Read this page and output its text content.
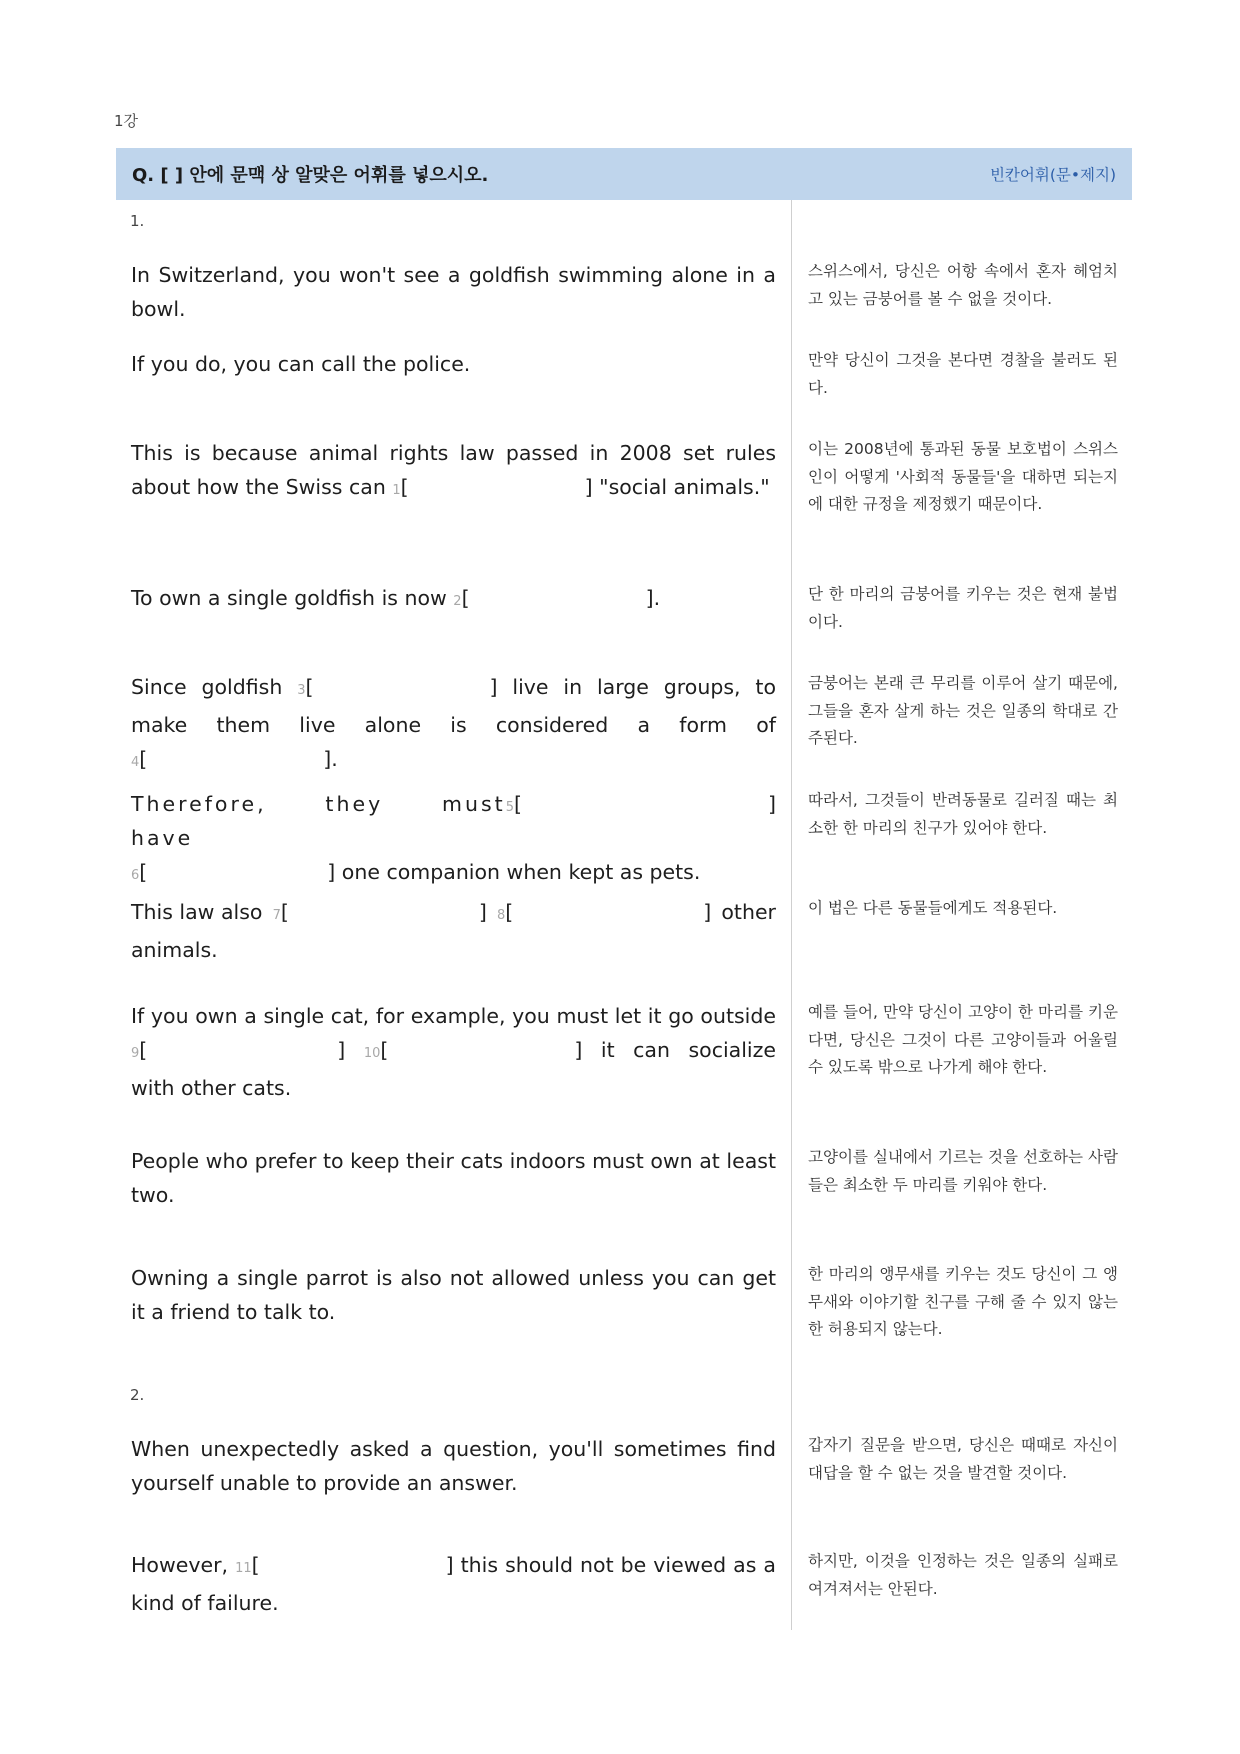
1강
Q. [ ] 안에 문맥 상 알맞은 어휘를 넣으시오.	빈칸어휘(문•제지)
1.
In Switzerland, you won't see a goldfish swimming alone in a bowl.
스위스에서, 당신은 어항 속에서 혼자 헤엄치고 있는 금붕어를 볼 수 없을 것이다.
If you do, you can call the police.	만약 당신이 그것을 본다면 경찰을 불러도 된다.
This is because animal rights law passed in 2008 set rules about how the Swiss can 1[	] "social animals."
이는 2008년에 통과된 동물 보호법이 스위스인이 어떻게 '사회적 동물들'을 대하면 되는지에 대한 규정을 제정했기 때문이다.
To own a single goldfish is now 2[	].	단 한 마리의 금붕어를 키우는 것은 현재 불법이다.
Since goldfish 3[	] live in large groups, to make them live alone is considered a form of 4[	].
금붕어는 본래 큰 무리를 이루어 살기 때문에, 그들을 혼자 살게 하는 것은 일종의 학대로 간주된다.
Therefore, they must have
5[	]
6[	] one companion when kept as pets.
따라서, 그것들이 반려동물로 길러질 때는 최소한 한 마리의 친구가 있어야 한다.
This law also 7[	] 8[	] other
animals.
이 법은 다른 동물들에게도 적용된다.
If you own a single cat, for example, you must let it go outside 9[	] 10[	] it can socialize with other cats.
예를 들어, 만약 당신이 고양이 한 마리를 키운다면, 당신은 그것이 다른 고양이들과 어울릴 수 있도록 밖으로 나가게 해야 한다.
People who prefer to keep their cats indoors must own at least two.
고양이를 실내에서 기르는 것을 선호하는 사람들은 최소한 두 마리를 키워야 한다.
Owning a single parrot is also not allowed unless you can get it a friend to talk to.
한 마리의 앵무새를 키우는 것도 당신이 그 앵무새와 이야기할 친구를 구해 줄 수 있지 않는 한 허용되지 않는다.
2.
When unexpectedly asked a question, you'll sometimes find yourself unable to provide an answer.
갑자기 질문을 받으면, 당신은 때때로 자신이 대답을 할 수 없는 것을 발견할 것이다.
However, 11[	] this should not be viewed as a kind of failure.
하지만, 이것을 인정하는 것은 일종의 실패로 여겨져서는 안된다.
